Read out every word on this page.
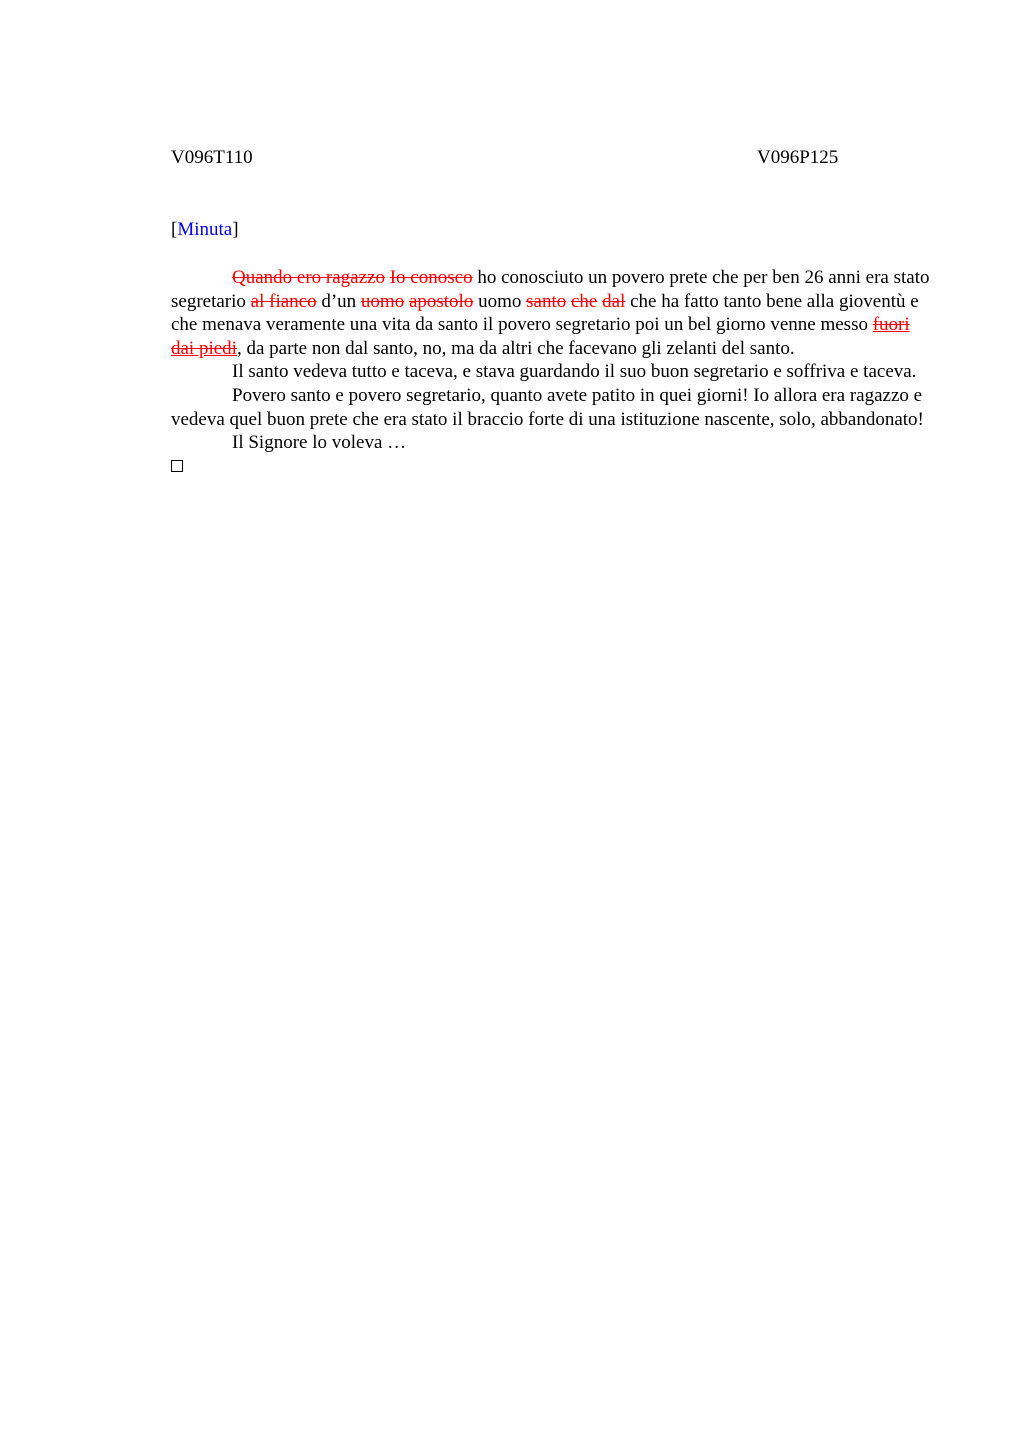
V096T110	V096P125
[Minuta]

Quando ero ragazzo Io conosco ho conosciuto un povero prete che per ben 26 anni era stato segretario al fianco d’un uomo apostolo uomo santo che dal che ha fatto tanto bene alla gioventù e che menava veramente una vita da santo il povero segretario poi un bel giorno venne messo fuori dai piedi, da parte non dal santo, no, ma da altri che facevano gli zelanti del santo.

Il santo vedeva tutto e taceva, e stava guardando il suo buon segretario e soffriva e taceva.

Povero santo e povero segretario, quanto avete patito in quei giorni! Io allora era ragazzo e vedeva quel buon prete che era stato il braccio forte di una istituzione nascente, solo, abbandonato!

Il Signore lo voleva …
